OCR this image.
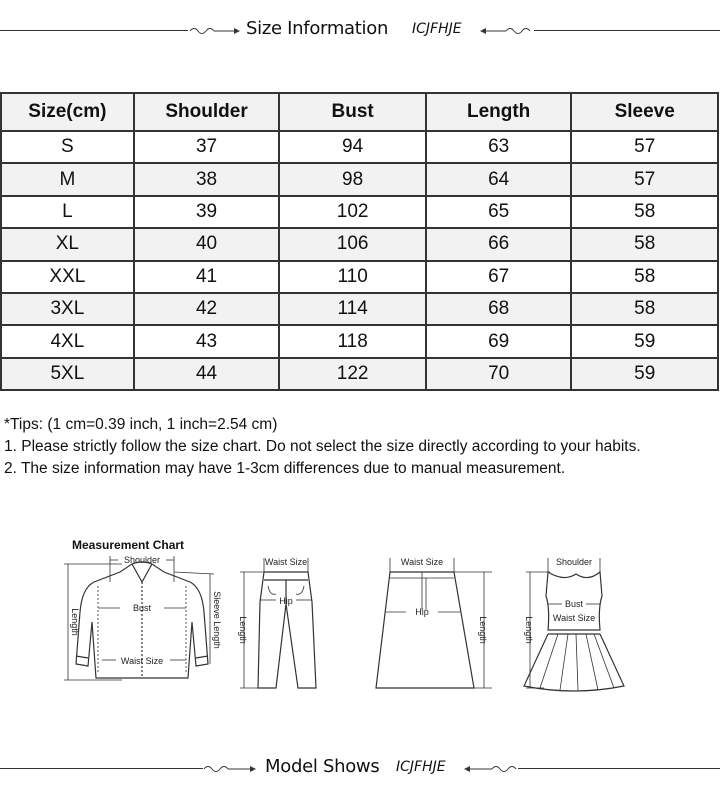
Size Information ICJFHJE
Size(cm)	Shoulder	Bust	Length	Sleeve
S	37	94	63	57
M	38	98	64	57
L	39	102	65	58
XL	40	106	66	58
XXL	41	110	67	58
3XL	42	114	68	58
4XL	43	118	69	59
5XL	44	122	70	59
*Tips: (1 cm=0.39 inch, 1 inch=2.54 cm)
1. Please strictly follow the size chart. Do not select the size directly according to your habits.
2. The size information may have 1-3cm differences due to manual measurement.
Measurement Chart
Shoulder
Bust
Waist Size
Length	Sleeve Length
Waist Size
Hip
Length
Waist Size
Hip
Length
Shoulder
Bust
Waist Size
Length
Model Shows ICJFHJE
